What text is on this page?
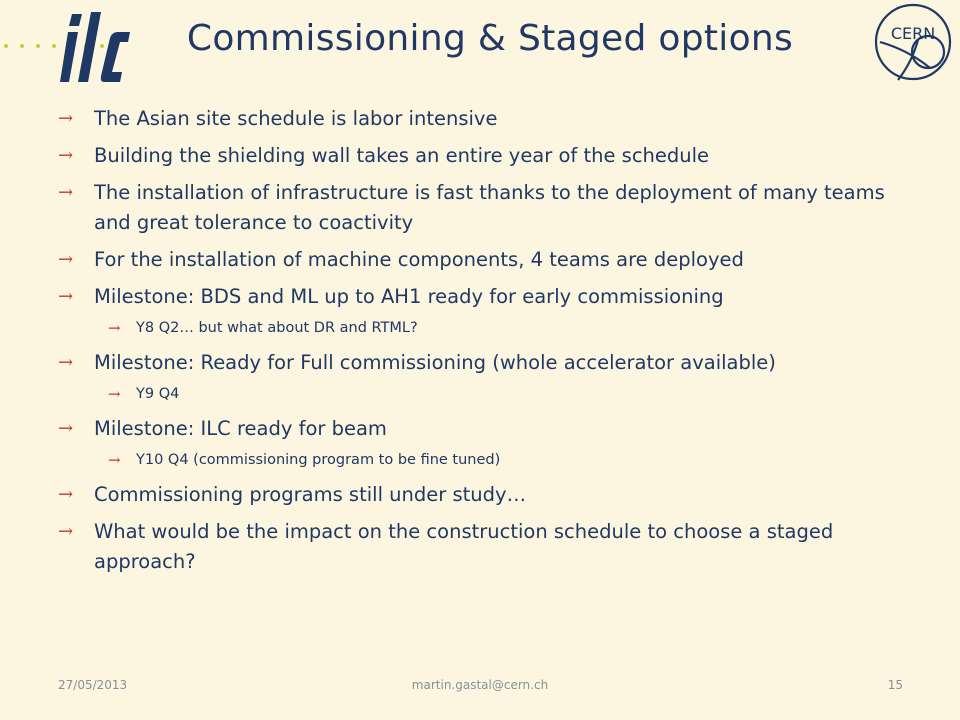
Commissioning & Staged options	CERN
→ The Asian site schedule is labor intensive
→ Building the shielding wall takes an entire year of the schedule
→ The installation of infrastructure is fast thanks to the deployment of many teams and great tolerance to coactivity
→ For the installation of machine components, 4 teams are deployed
→ Milestone: BDS and ML up to AH1 ready for early commissioning
→ Y8 Q2… but what about DR and RTML?
→ Milestone: Ready for Full commissioning (whole accelerator available)
→ Y9 Q4
→ Milestone: ILC ready for beam
→ Y10 Q4 (commissioning program to be fine tuned)
→ Commissioning programs still under study…
→ What would be the impact on the construction schedule to choose a staged approach?
27/05/2013	martin.gastal@cern.ch	15
